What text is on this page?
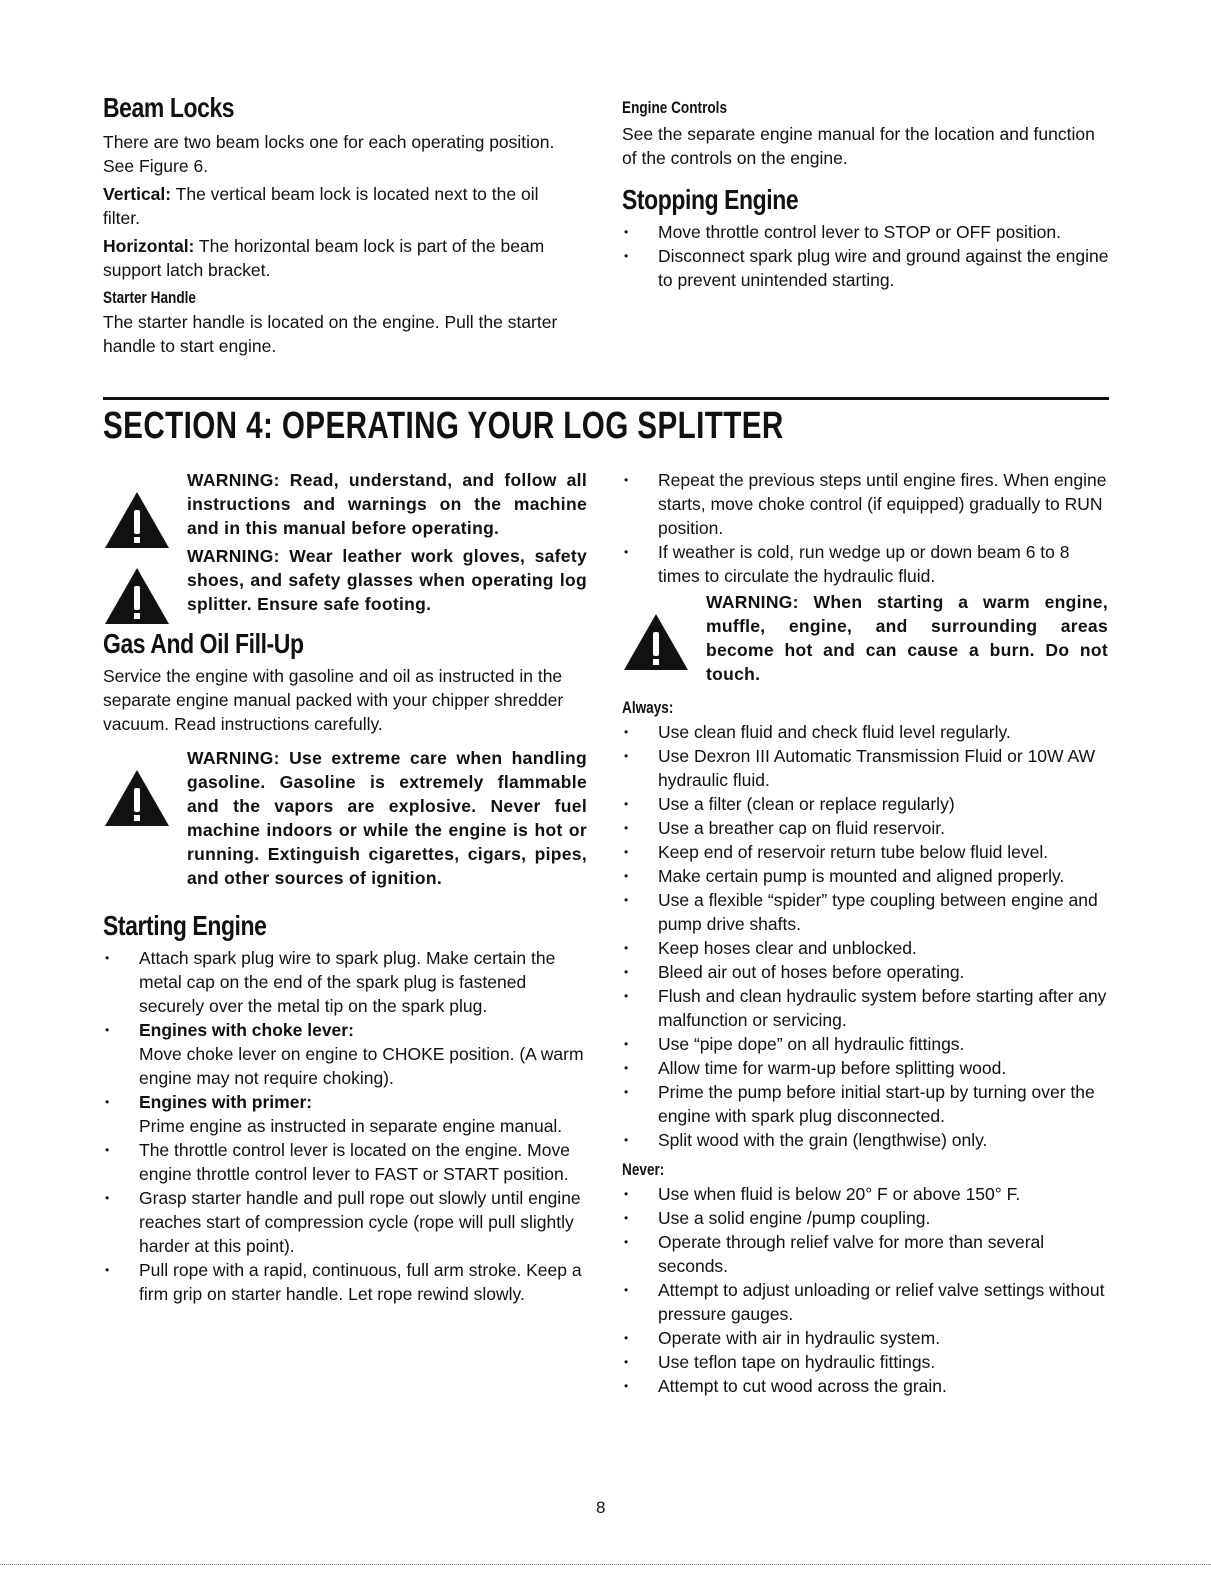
Beam Locks

There are two beam locks one for each operating position. See Figure 6.

Vertical: The vertical beam lock is located next to the oil filter.

Horizontal: The horizontal beam lock is part of the beam support latch bracket.

Starter Handle

The starter handle is located on the engine. Pull the starter handle to start engine.

Engine Controls

See the separate engine manual for the location and function of the controls on the engine.

Stopping Engine
• Move throttle control lever to STOP or OFF position.
• Disconnect spark plug wire and ground against the engine to prevent unintended starting.
SECTION 4: OPERATING YOUR LOG SPLITTER
WARNING: Read, understand, and follow all instructions and warnings on the machine and in this manual before operating.
WARNING: Wear leather work gloves, safety shoes, and safety glasses when operating log splitter. Ensure safe footing.
Gas And Oil Fill-Up

Service the engine with gasoline and oil as instructed in the separate engine manual packed with your chipper shredder vacuum. Read instructions carefully.

WARNING: Use extreme care when handling gasoline. Gasoline is extremely flammable and the vapors are explosive. Never fuel machine indoors or while the engine is hot or running. Extinguish cigarettes, cigars, pipes, and other sources of ignition.
Starting Engine
• Attach spark plug wire to spark plug. Make certain the metal cap on the end of the spark plug is fastened securely over the metal tip on the spark plug.
• Engines with choke lever:
Move choke lever on engine to CHOKE position. (A warm engine may not require choking).
• Engines with primer:
Prime engine as instructed in separate engine manual.
• The throttle control lever is located on the engine. Move engine throttle control lever to FAST or START position.
• Grasp starter handle and pull rope out slowly until engine reaches start of compression cycle (rope will pull slightly harder at this point).
• Pull rope with a rapid, continuous, full arm stroke. Keep a firm grip on starter handle. Let rope rewind slowly.
• Repeat the previous steps until engine fires. When engine starts, move choke control (if equipped) gradually to RUN position.
• If weather is cold, run wedge up or down beam 6 to 8 times to circulate the hydraulic fluid.
WARNING: When starting a warm engine, muffle, engine, and surrounding areas become hot and can cause a burn. Do not touch.
Always:
• Use clean fluid and check fluid level regularly.
• Use Dexron III Automatic Transmission Fluid or 10W AW hydraulic fluid.
• Use a filter (clean or replace regularly)
• Use a breather cap on fluid reservoir.
• Keep end of reservoir return tube below fluid level.
• Make certain pump is mounted and aligned properly.
• Use a flexible “spider” type coupling between engine and pump drive shafts.
• Keep hoses clear and unblocked.
• Bleed air out of hoses before operating.
• Flush and clean hydraulic system before starting after any malfunction or servicing.
• Use “pipe dope” on all hydraulic fittings.
• Allow time for warm-up before splitting wood.
• Prime the pump before initial start-up by turning over the engine with spark plug disconnected.
• Split wood with the grain (lengthwise) only.
Never:
• Use when fluid is below 20° F or above 150° F.
• Use a solid engine /pump coupling.
• Operate through relief valve for more than several seconds.
• Attempt to adjust unloading or relief valve settings without pressure gauges.
• Operate with air in hydraulic system.
• Use teflon tape on hydraulic fittings.
• Attempt to cut wood across the grain.
8
